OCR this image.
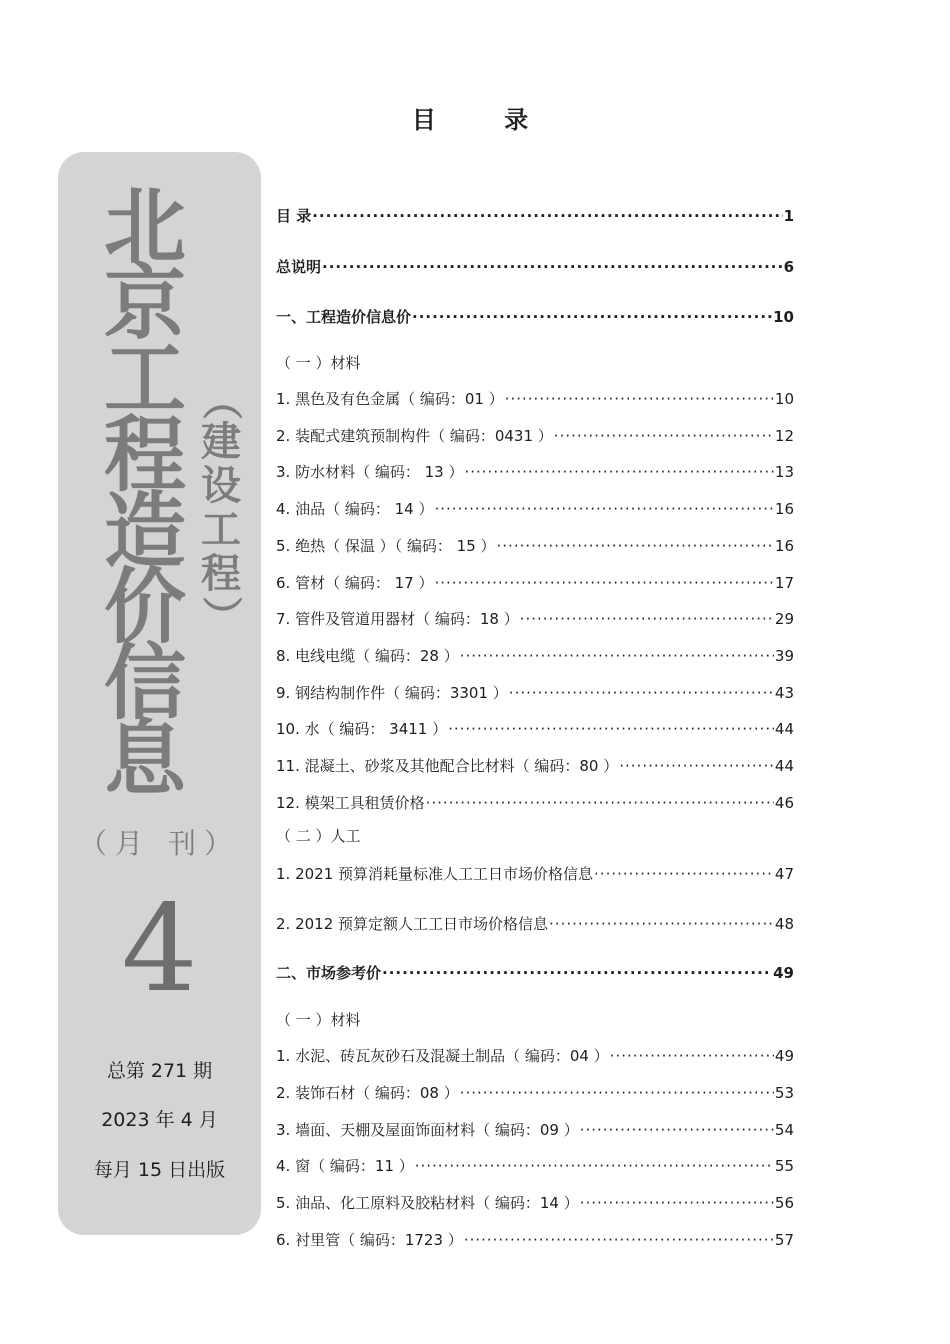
目 录
北
京
工
程
造
价
信
息
（
建
设
工
程
）
（月 刊）
4
总第 271 期
2023 年 4 月
每月 15 日出版
目 录 ·····	1
总说明 ·····	6
一、工程造价信息价 ·····	10
（ 一 ）材料
1. 黑色及有色金属（ 编码：01 ） ·····	10
2. 装配式建筑预制构件（ 编码：0431 ） ·····	12
3. 防水材料（ 编码： 13 ） ·····	13
4. 油品（ 编码： 14 ） ·····	16
5. 绝热（ 保温 ）（ 编码： 15 ） ·····	16
6. 管材（ 编码： 17 ） ·····	17
7. 管件及管道用器材（ 编码：18 ） ·····	29
8. 电线电缆（ 编码：28 ） ·····	39
9. 钢结构制作件（ 编码：3301 ） ·····	43
10. 水（ 编码： 3411 ） ·····	44
11. 混凝土、砂浆及其他配合比材料（ 编码：80 ） ·····	44
12. 模架工具租赁价格 ·····	46
（ 二 ）人工
1. 2021 预算消耗量标准人工工日市场价格信息 ·····	47
2. 2012 预算定额人工工日市场价格信息 ·····	48
二、市场参考价 ·····	49
（ 一 ）材料
1. 水泥、砖瓦灰砂石及混凝土制品（ 编码：04 ） ·····	49
2. 装饰石材（ 编码：08 ） ·····	53
3. 墙面、天棚及屋面饰面材料（ 编码：09 ） ·····	54
4. 窗（ 编码：11 ） ·····	55
5. 油品、化工原料及胶粘材料（ 编码：14 ） ·····	56
6. 衬里管（ 编码：1723 ） ·····	57
